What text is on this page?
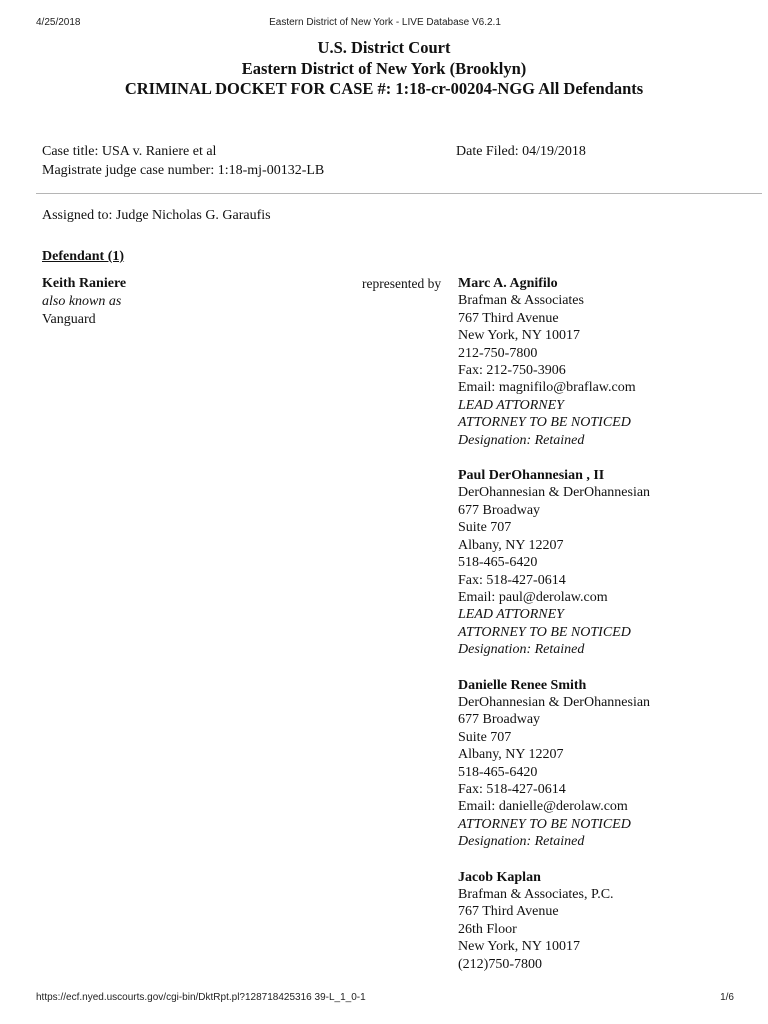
4/25/2018	Eastern District of New York - LIVE Database V6.2.1
U.S. District Court
Eastern District of New York (Brooklyn)
CRIMINAL DOCKET FOR CASE #: 1:18-cr-00204-NGG All Defendants
Case title: USA v. Raniere et al
Magistrate judge case number: 1:18-mj-00132-LB
Date Filed: 04/19/2018
Assigned to: Judge Nicholas G. Garaufis
Defendant (1)
Keith Raniere
also known as
Vanguard
represented by Marc A. Agnifilo
Brafman & Associates
767 Third Avenue
New York, NY 10017
212-750-7800
Fax: 212-750-3906
Email: magnifilo@braflaw.com
LEAD ATTORNEY
ATTORNEY TO BE NOTICED
Designation: Retained
Paul DerOhannesian , II
DerOhannesian & DerOhannesian
677 Broadway
Suite 707
Albany, NY 12207
518-465-6420
Fax: 518-427-0614
Email: paul@derolaw.com
LEAD ATTORNEY
ATTORNEY TO BE NOTICED
Designation: Retained
Danielle Renee Smith
DerOhannesian & DerOhannesian
677 Broadway
Suite 707
Albany, NY 12207
518-465-6420
Fax: 518-427-0614
Email: danielle@derolaw.com
ATTORNEY TO BE NOTICED
Designation: Retained
Jacob Kaplan
Brafman & Associates, P.C.
767 Third Avenue
26th Floor
New York, NY 10017
(212)750-7800
https://ecf.nyed.uscourts.gov/cgi-bin/DktRpt.pl?128718425316 39-L_1_0-1	1/6
